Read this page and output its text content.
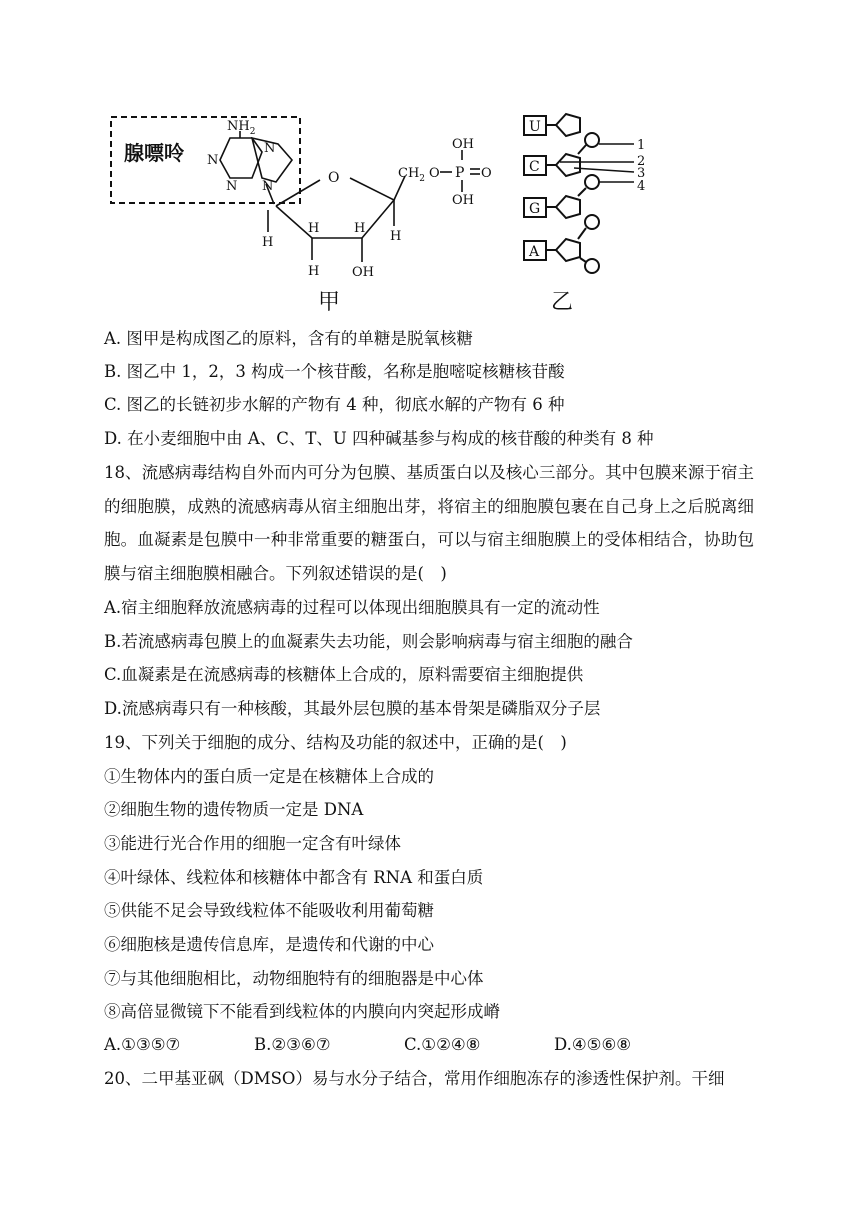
腺嘌呤
$NH_2$
N
N
N
N
O
H
H	H
H
H	OH
$CH_2$ O P
OH
OH
O
甲
U
C
G
A
1
2
3
4
乙
A. 图甲是构成图乙的原料，含有的单糖是脱氧核糖
B. 图乙中 1，2，3 构成一个核苷酸，名称是胞嘧啶核糖核苷酸
C. 图乙的长链初步水解的产物有 4 种，彻底水解的产物有 6 种
D. 在小麦细胞中由 A、C、T、U 四种碱基参与构成的核苷酸的种类有 8 种
18、流感病毒结构自外而内可分为包膜、基质蛋白以及核心三部分。其中包膜来源于宿主的细胞膜，成熟的流感病毒从宿主细胞出芽，将宿主的细胞膜包裹在自己身上之后脱离细胞。血凝素是包膜中一种非常重要的糖蛋白，可以与宿主细胞膜上的受体相结合，协助包膜与宿主细胞膜相融合。下列叙述错误的是(　)
A.宿主细胞释放流感病毒的过程可以体现出细胞膜具有一定的流动性
B.若流感病毒包膜上的血凝素失去功能，则会影响病毒与宿主细胞的融合
C.血凝素是在流感病毒的核糖体上合成的，原料需要宿主细胞提供
D.流感病毒只有一种核酸，其最外层包膜的基本骨架是磷脂双分子层
19、下列关于细胞的成分、结构及功能的叙述中，正确的是(　)
①生物体内的蛋白质一定是在核糖体上合成的
②细胞生物的遗传物质一定是 DNA
③能进行光合作用的细胞一定含有叶绿体
④叶绿体、线粒体和核糖体中都含有 RNA 和蛋白质
⑤供能不足会导致线粒体不能吸收利用葡萄糖
⑥细胞核是遗传信息库，是遗传和代谢的中心
⑦与其他细胞相比，动物细胞特有的细胞器是中心体
⑧高倍显微镜下不能看到线粒体的内膜向内突起形成嵴
A.①③⑤⑦	B.②③⑥⑦	C.①②④⑧	D.④⑤⑥⑧
20、二甲基亚砜（DMSO）易与水分子结合，常用作细胞冻存的渗透性保护剂。干细
